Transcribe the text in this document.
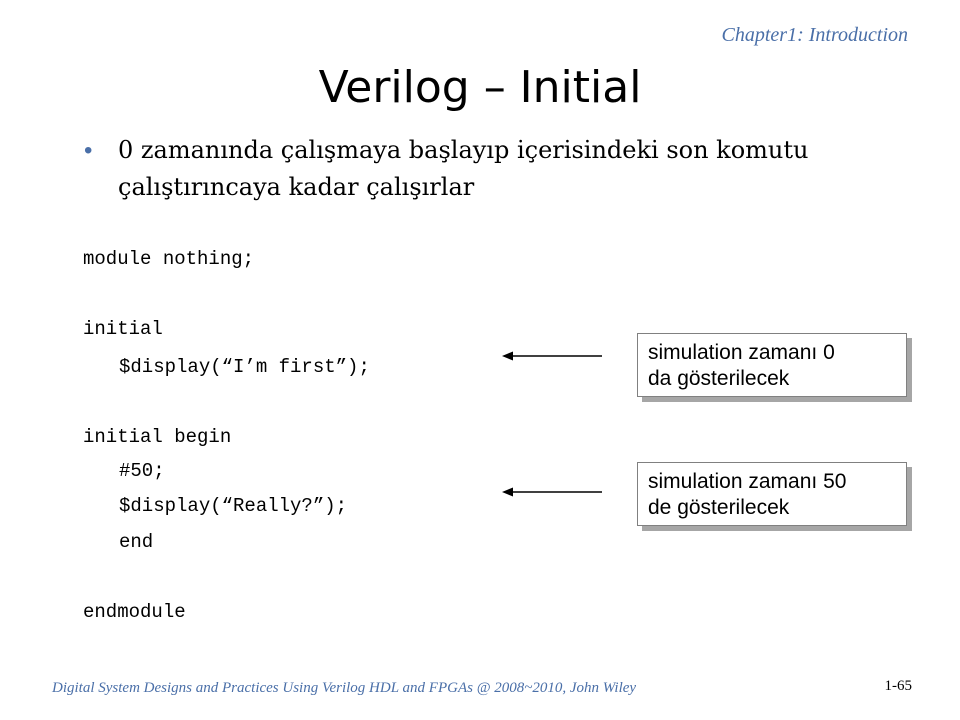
Chapter1: Introduction
Verilog – Initial
•	0 zamanında çalışmaya başlayıp içerisindeki son komutu çalıştırıncaya kadar çalışırlar
module nothing;
initial
$display(“I’m first”);
initial begin
#50;
$display(“Really?”);
end
endmodule
simulation zamanı 0
da gösterilecek
simulation zamanı 50
de gösterilecek
Digital System Designs and Practices Using Verilog HDL and FPGAs @ 2008~2010, John Wiley	1-65
